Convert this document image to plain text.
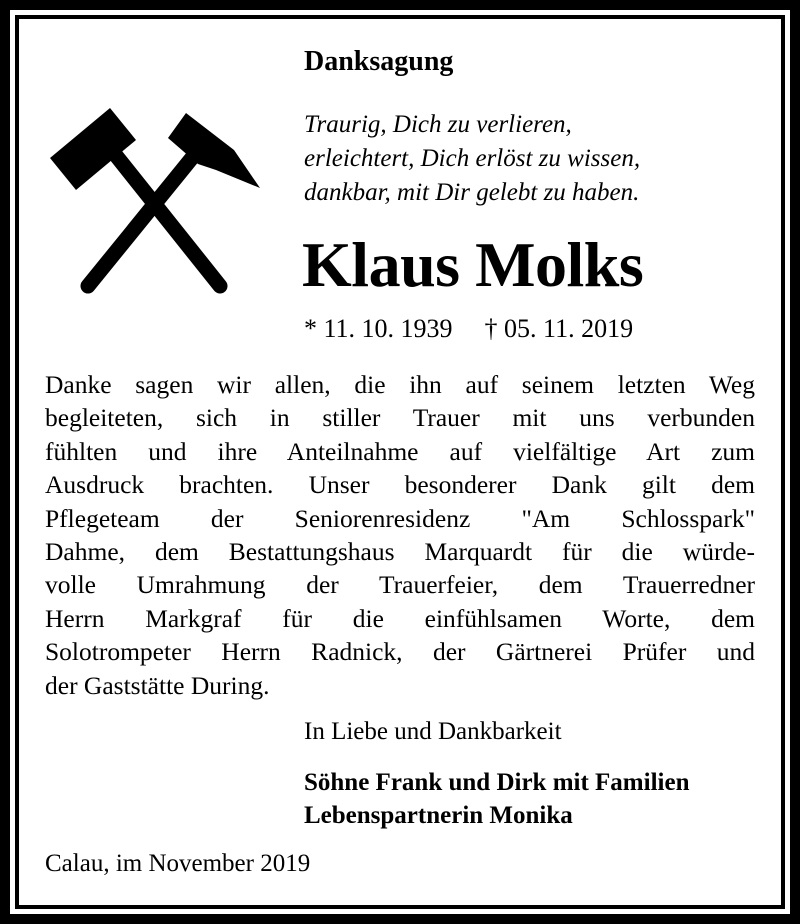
Danksagung
Traurig, Dich zu verlieren,
erleichtert, Dich erlöst zu wissen,
dankbar, mit Dir gelebt zu haben.
Klaus Molks
* 11. 10. 1939 † 05. 11. 2019
Danke sagen wir allen, die ihn auf seinem letzten Weg
begleiteten, sich in stiller Trauer mit uns verbunden
fühlten und ihre Anteilnahme auf vielfältige Art zum
Ausdruck brachten. Unser besonderer Dank gilt dem
Pflegeteam der Seniorenresidenz "Am Schlosspark"
Dahme, dem Bestattungshaus Marquardt für die würde-
volle Umrahmung der Trauerfeier, dem Trauerredner
Herrn Markgraf für die einfühlsamen Worte, dem
Solotrompeter Herrn Radnick, der Gärtnerei Prüfer und
der Gaststätte During.
In Liebe und Dankbarkeit
Söhne Frank und Dirk mit Familien
Lebenspartnerin Monika
Calau, im November 2019
